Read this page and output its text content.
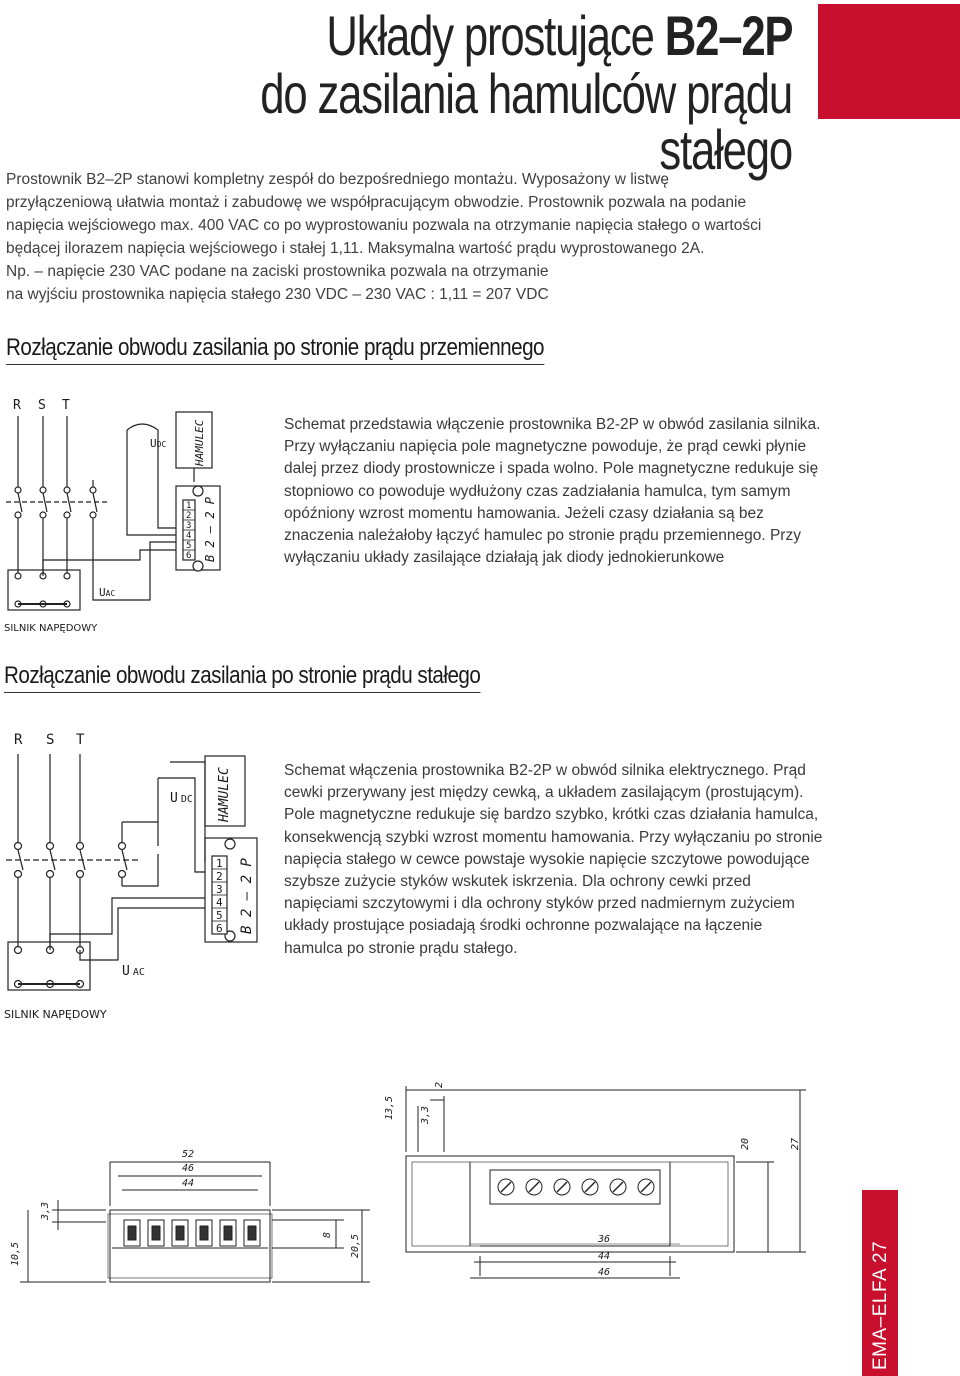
Układy prostujące B2–2P
do zasilania hamulców prądu stałego

Prostownik B2–2P stanowi kompletny zespół do bezpośredniego montażu. Wyposażony w listwę

przyłączeniową ułatwia montaż i zabudowę we współpracującym obwodzie. Prostownik pozwala na podanie

napięcia wejściowego max. 400 VAC co po wyprostowaniu pozwala na otrzymanie napięcia stałego o wartości

będącej ilorazem napięcia wejściowego i stałej 1,11. Maksymalna wartość prądu wyprostowanego 2A.

Np. – napięcie 230 VAC podane na zaciski prostownika pozwala na otrzymanie

na wyjściu prostownika napięcia stałego 230 VDC – 230 VAC : 1,11 = 207 VDC

Rozłączanie obwodu zasilania po stronie prądu przemiennego
R S T
UAC
UDC HAMULEC
1
2
3
4
5
6 B 2 – 2 P
SILNIK NAPĘDOWY
Schemat przedstawia włączenie prostownika B2-2P w obwód zasilania silnika. Przy wyłączaniu napięcia pole magnetyczne powoduje, że prąd cewki płynie dalej przez diody prostownicze i spada wolno. Pole magnetyczne redukuje się stopniowo co powoduje wydłużony czas zadziałania hamulca, tym samym opóźniony wzrost momentu hamowania. Jeżeli czasy działania są bez znaczenia należałoby łączyć hamulec po stronie prądu przemiennego. Przy wyłączaniu układy zasilające działają jak diody jednokierunkowe
Rozłączanie obwodu zasilania po stronie prądu stałego
R S T
U AC
U DC HAMULEC
1
2
3
4
5
6 B 2 – 2 P
SILNIK NAPĘDOWY
Schemat włączenia prostownika B2-2P w obwód silnika elektrycznego. Prąd cewki przerywany jest między cewką, a układem zasilającym (prostującym). Pole magnetyczne redukuje się bardzo szybko, krótki czas działania hamulca, konsekwencją szybki wzrost momentu hamowania. Przy wyłączaniu po stronie napięcia stałego w cewce powstaje wysokie napięcie szczytowe powodujące szybsze zużycie styków wskutek iskrzenia. Dla ochrony cewki przed napięciami szczytowymi i dla ochrony styków przed nadmiernym zużyciem układy prostujące posiadają środki ochronne pozwalające na łączenie hamulca po stronie prądu stałego.
52
46
44
3,3
10,5
8 20,5
2
13,5	3,3
20	27
36
44
46	EMA–ELFA 27
